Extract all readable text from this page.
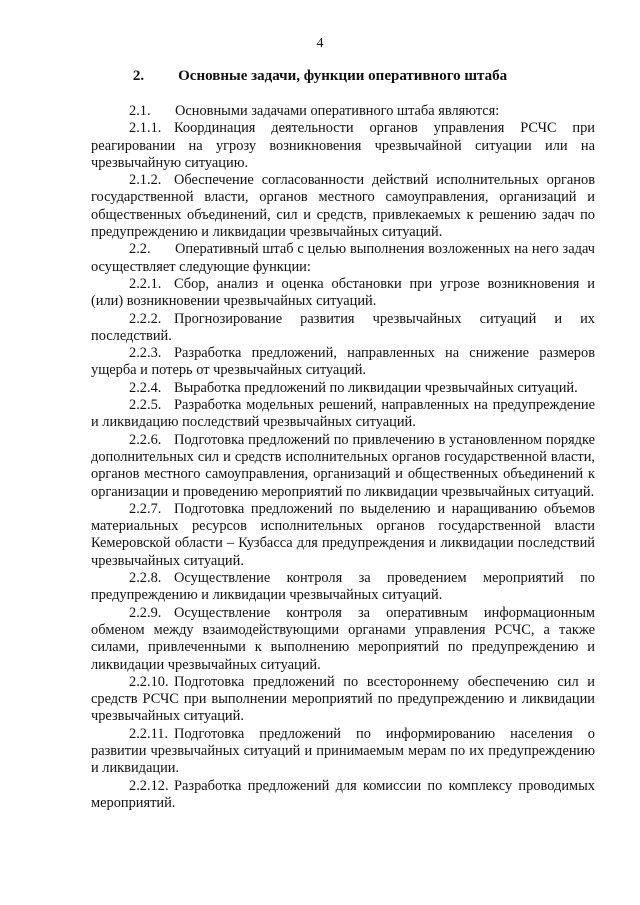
4
2. Основные задачи, функции оперативного штаба

2.1. Основными задачами оперативного штаба являются:

2.1.1. Координация деятельности органов управления РСЧС при реагировании на угрозу возникновения чрезвычайной ситуации или на чрезвычайную ситуацию.

2.1.2. Обеспечение согласованности действий исполнительных органов государственной власти, органов местного самоуправления, организаций и общественных объединений, сил и средств, привлекаемых к решению задач по предупреждению и ликвидации чрезвычайных ситуаций.

2.2. Оперативный штаб с целью выполнения возложенных на него задач осуществляет следующие функции:

2.2.1. Сбор, анализ и оценка обстановки при угрозе возникновения и (или) возникновении чрезвычайных ситуаций.

2.2.2. Прогнозирование развития чрезвычайных ситуаций и их последствий.

2.2.3. Разработка предложений, направленных на снижение размеров ущерба и потерь от чрезвычайных ситуаций.

2.2.4. Выработка предложений по ликвидации чрезвычайных ситуаций.

2.2.5. Разработка модельных решений, направленных на предупреждение и ликвидацию последствий чрезвычайных ситуаций.

2.2.6. Подготовка предложений по привлечению в установленном порядке дополнительных сил и средств исполнительных органов государственной власти, органов местного самоуправления, организаций и общественных объединений к организации и проведению мероприятий по ликвидации чрезвычайных ситуаций.

2.2.7. Подготовка предложений по выделению и наращиванию объемов материальных ресурсов исполнительных органов государственной власти Кемеровской области – Кузбасса для предупреждения и ликвидации последствий чрезвычайных ситуаций.

2.2.8. Осуществление контроля за проведением мероприятий по предупреждению и ликвидации чрезвычайных ситуаций.

2.2.9. Осуществление контроля за оперативным информационным обменом между взаимодействующими органами управления РСЧС, а также силами, привлеченными к выполнению мероприятий по предупреждению и ликвидации чрезвычайных ситуаций.

2.2.10. Подготовка предложений по всестороннему обеспечению сил и средств РСЧС при выполнении мероприятий по предупреждению и ликвидации чрезвычайных ситуаций.

2.2.11. Подготовка предложений по информированию населения о развитии чрезвычайных ситуаций и принимаемым мерам по их предупреждению и ликвидации.

2.2.12. Разработка предложений для комиссии по комплексу проводимых мероприятий.
